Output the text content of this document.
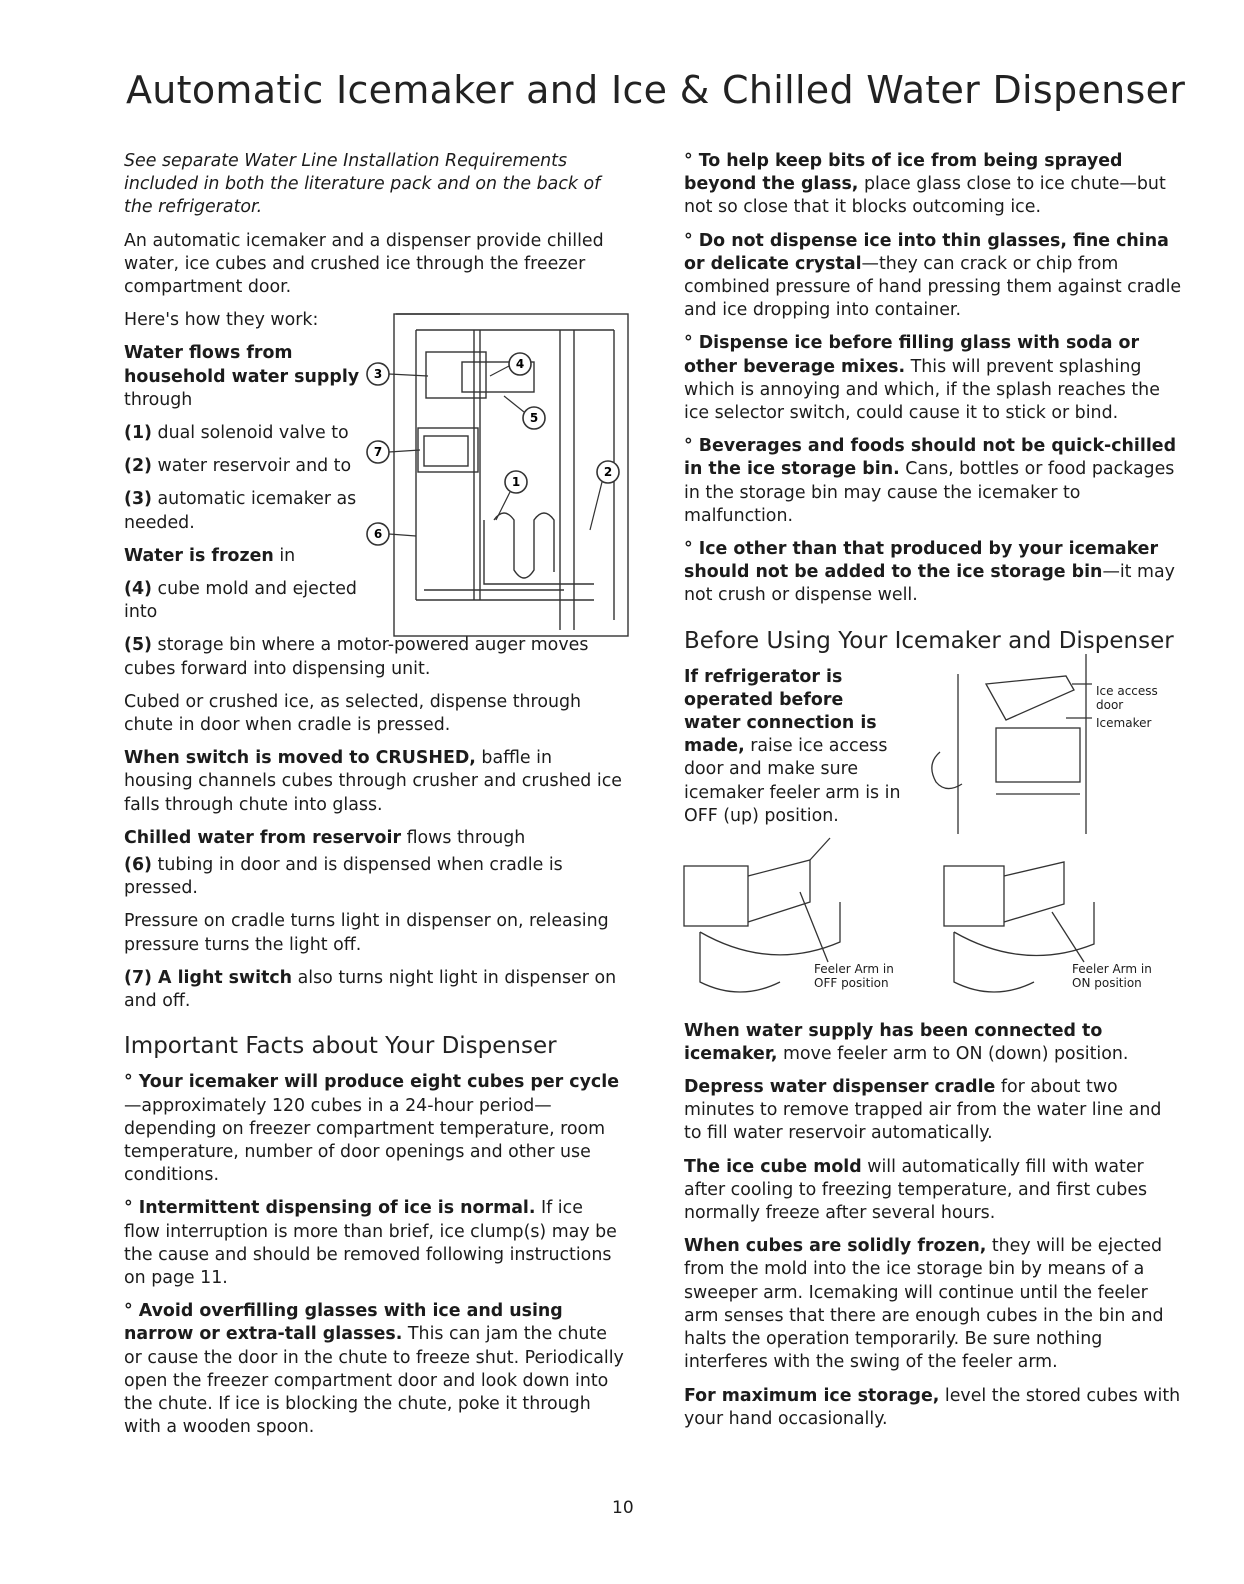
Automatic Icemaker and Ice & Chilled Water Dispenser

See separate Water Line Installation Requirements included in both the literature pack and on the back of the refrigerator.

An automatic icemaker and a dispenser provide chilled water, ice cubes and crushed ice through the freezer compartment door.

Here's how they work:

Water flows from household water supply through

(1) dual solenoid valve to

(2) water reservoir and to

(3) automatic icemaker as needed.

Water is frozen in

(4) cube mold and ejected into

(5) storage bin where a motor-powered auger moves cubes forward into dispensing unit.

Cubed or crushed ice, as selected, dispense through chute in door when cradle is pressed.

When switch is moved to CRUSHED, baffle in housing channels cubes through crusher and crushed ice falls through chute into glass.

Chilled water from reservoir flows through

(6) tubing in door and is dispensed when cradle is pressed.

Pressure on cradle turns light in dispenser on, releasing pressure turns the light off.

(7) A light switch also turns night light in dispenser on and off.

Important Facts about Your Dispenser

° Your icemaker will produce eight cubes per cycle—approximately 120 cubes in a 24-hour period—depending on freezer compartment temperature, room temperature, number of door openings and other use conditions.

° Intermittent dispensing of ice is normal. If ice flow interruption is more than brief, ice clump(s) may be the cause and should be removed following instructions on page 11.

° Avoid overfilling glasses with ice and using narrow or extra-tall glasses. This can jam the chute or cause the door in the chute to freeze shut. Periodically open the freezer compartment door and look down into the chute. If ice is blocking the chute, poke it through with a wooden spoon.

3
4
5
7
1
2
6

° To help keep bits of ice from being sprayed beyond the glass, place glass close to ice chute—but not so close that it blocks outcoming ice.

° Do not dispense ice into thin glasses, fine china or delicate crystal—they can crack or chip from combined pressure of hand pressing them against cradle and ice dropping into container.

° Dispense ice before filling glass with soda or other beverage mixes. This will prevent splashing which is annoying and which, if the splash reaches the ice selector switch, could cause it to stick or bind.

° Beverages and foods should not be quick-chilled in the ice storage bin. Cans, bottles or food packages in the storage bin may cause the icemaker to malfunction.

° Ice other than that produced by your icemaker should not be added to the ice storage bin—it may not crush or dispense well.

Before Using Your Icemaker and Dispenser

If refrigerator is operated before water connection is made, raise ice access door and make sure icemaker feeler arm is in OFF (up) position.

When water supply has been connected to icemaker, move feeler arm to ON (down) position.

Depress water dispenser cradle for about two minutes to remove trapped air from the water line and to fill water reservoir automatically.

The ice cube mold will automatically fill with water after cooling to freezing temperature, and first cubes normally freeze after several hours.

When cubes are solidly frozen, they will be ejected from the mold into the ice storage bin by means of a sweeper arm. Icemaking will continue until the feeler arm senses that there are enough cubes in the bin and halts the operation temporarily. Be sure nothing interferes with the swing of the feeler arm.

For maximum ice storage, level the stored cubes with your hand occasionally.

Ice access door
Icemaker
Feeler Arm in OFF position
Feeler Arm in ON position
10
